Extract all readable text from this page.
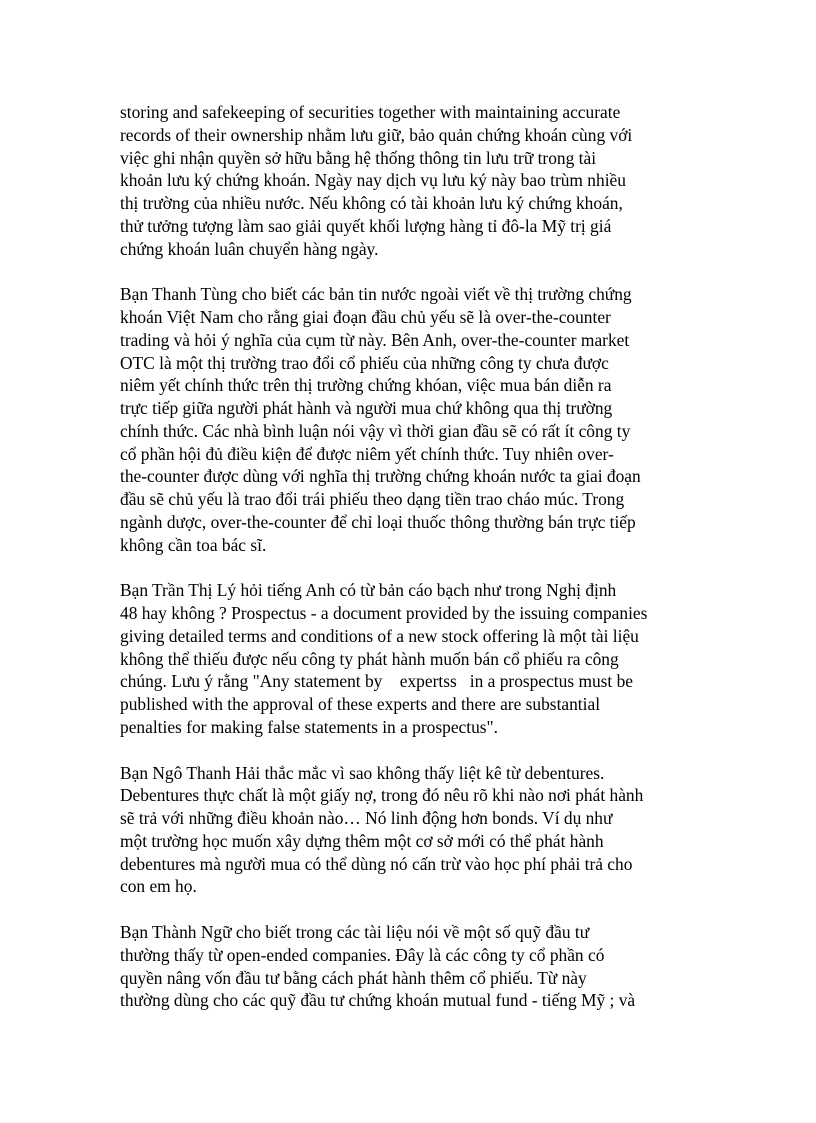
storing and safekeeping of securities together with maintaining accurate
records of their ownership nhằm lưu giữ, bảo quản chứng khoán cùng với
việc ghi nhận quyền sở hữu bằng hệ thống thông tin lưu trữ trong tài
khoản lưu ký chứng khoán. Ngày nay dịch vụ lưu ký này bao trùm nhiều
thị trường của nhiều nước. Nếu không có tài khoản lưu ký chứng khoán,
thử tưởng tượng làm sao giải quyết khối lượng hàng tỉ đô-la Mỹ trị giá
chứng khoán luân chuyển hàng ngày.

Bạn Thanh Tùng cho biết các bản tin nước ngoài viết về thị trường chứng
khoán Việt Nam cho rằng giai đoạn đầu chủ yếu sẽ là over-the-counter
trading và hỏi ý nghĩa của cụm từ này. Bên Anh, over-the-counter market
OTC là một thị trường trao đổi cổ phiếu của những công ty chưa được
niêm yết chính thức trên thị trường chứng khóan, việc mua bán diễn ra
trực tiếp giữa người phát hành và người mua chứ không qua thị trường
chính thức. Các nhà bình luận nói vậy vì thời gian đầu sẽ có rất ít công ty
cổ phần hội đủ điều kiện để được niêm yết chính thức. Tuy nhiên over-
the-counter được dùng với nghĩa thị trường chứng khoán nước ta giai đoạn
đầu sẽ chủ yếu là trao đổi trái phiếu theo dạng tiền trao cháo múc. Trong
ngành dược, over-the-counter để chỉ loại thuốc thông thường bán trực tiếp
không cần toa bác sĩ.

Bạn Trần Thị Lý hỏi tiếng Anh có từ bản cáo bạch như trong Nghị định
48 hay không ? Prospectus - a document provided by the issuing companies
giving detailed terms and conditions of a new stock offering là một tài liệu
không thể thiếu được nếu công ty phát hành muốn bán cổ phiếu ra công
chúng. Lưu ý rằng "Any statement by    expertss   in a prospectus must be
published with the approval of these experts and there are substantial
penalties for making false statements in a prospectus".

Bạn Ngô Thanh Hải thắc mắc vì sao không thấy liệt kê từ debentures.
Debentures thực chất là một giấy nợ, trong đó nêu rõ khi nào nơi phát hành
sẽ trả với những điều khoản nào… Nó linh động hơn bonds. Ví dụ như
một trường học muốn xây dựng thêm một cơ sở mới có thể phát hành
debentures mà người mua có thể dùng nó cấn trừ vào học phí phải trả cho
con em họ.

Bạn Thành Ngữ cho biết trong các tài liệu nói về một số quỹ đầu tư
thường thấy từ open-ended companies. Đây là các công ty cổ phần có
quyền nâng vốn đầu tư bằng cách phát hành thêm cổ phiếu. Từ này
thường dùng cho các quỹ đầu tư chứng khoán mutual fund - tiếng Mỹ ; và
